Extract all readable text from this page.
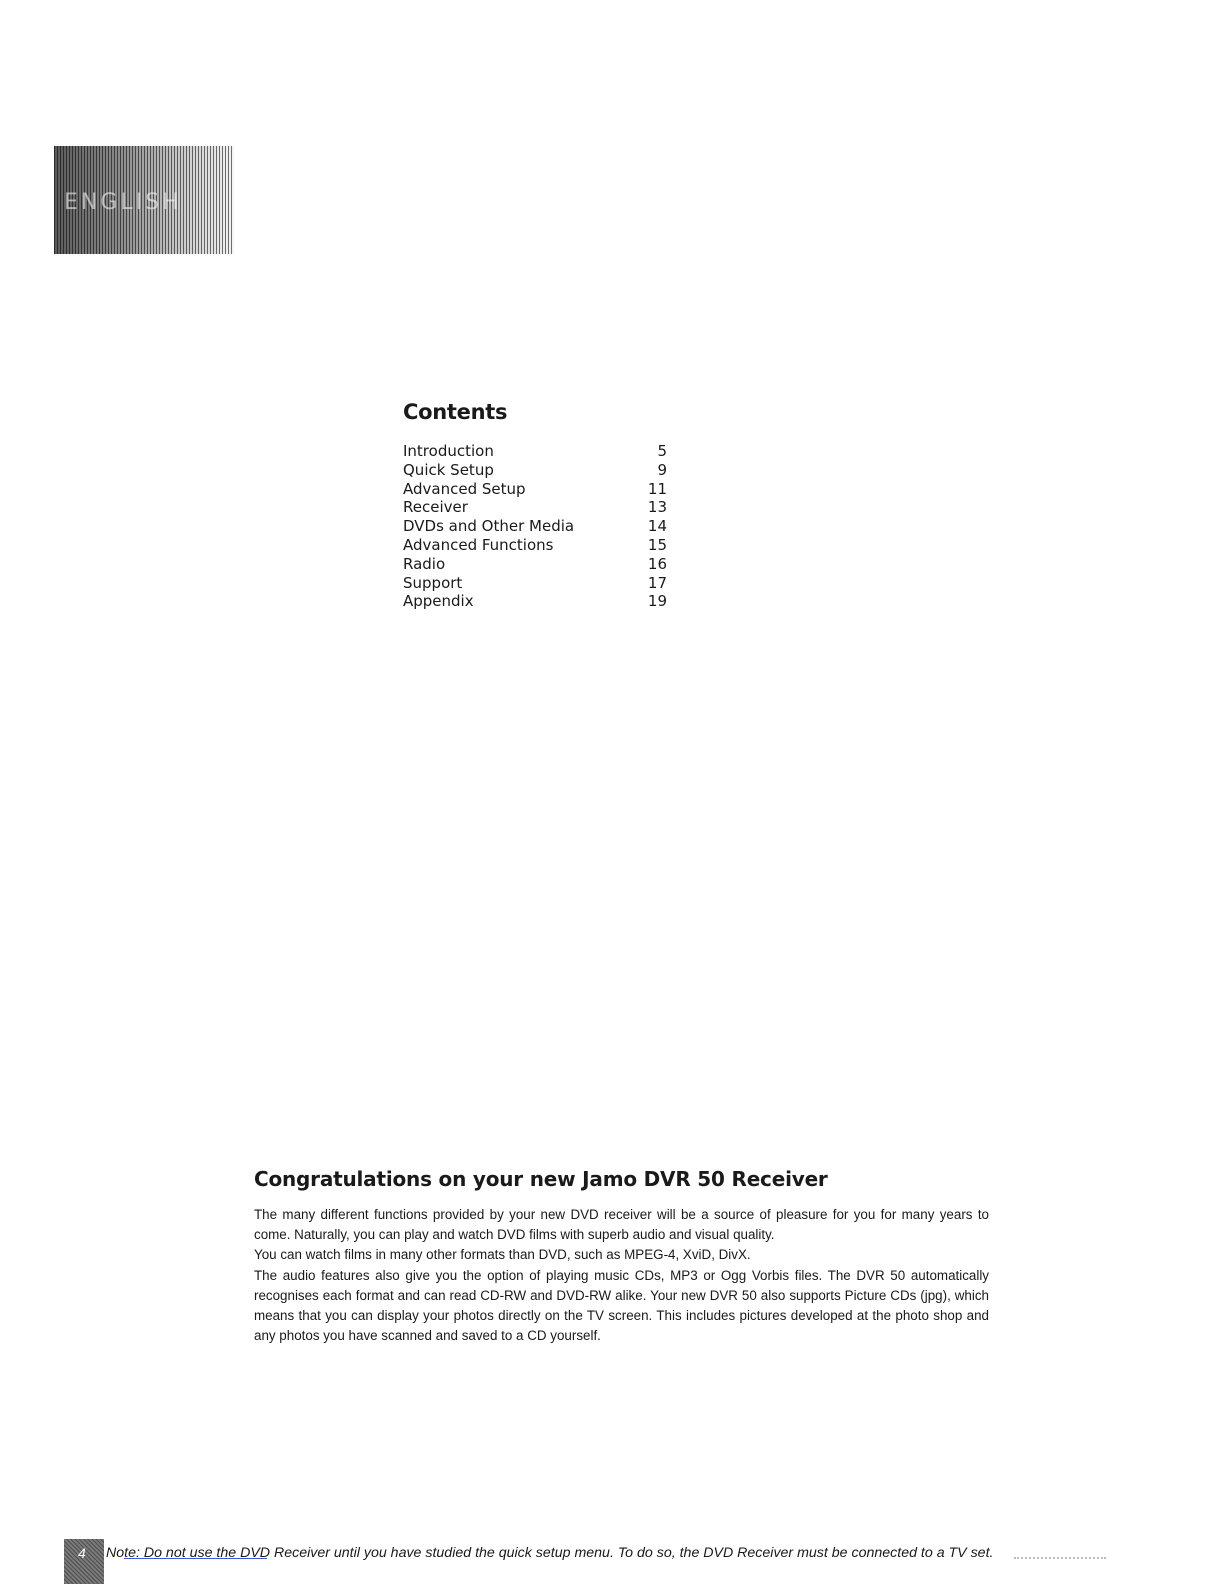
ENGLISH
Contents
Introduction	5
Quick Setup	9
Advanced Setup	11
Receiver	13
DVDs and Other Media	14
Advanced Functions	15
Radio	16
Support	17
Appendix	19
Congratulations on your new Jamo DVR 50 Receiver

The many different functions provided by your new DVD receiver will be a source of pleasure for you for many years to come. Naturally, you can play and watch DVD films with superb audio and visual quality.

You can watch films in many other formats than DVD, such as MPEG-4, XviD, DivX.

The audio features also give you the option of playing music CDs, MP3 or Ogg Vorbis files. The DVR 50 automatically recognises each format and can read CD-RW and DVD-RW alike. Your new DVR 50 also supports Picture CDs (jpg), which means that you can display your photos directly on the TV screen. This includes pictures developed at the photo shop and any photos you have scanned and saved to a CD yourself.

Note: Do not use the DVD Receiver until you have studied the quick setup menu. To do so, the DVD Receiver must be connected to a TV set.
4
